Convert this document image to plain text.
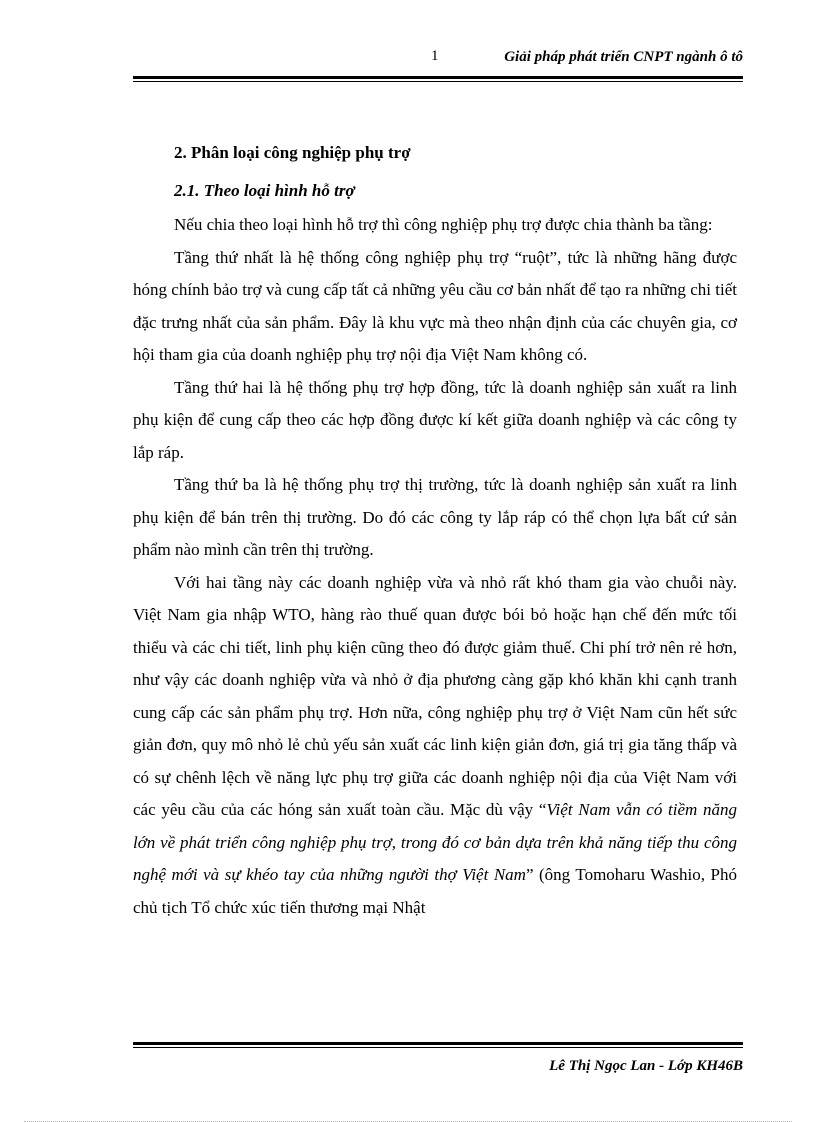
1	Giải pháp phát triển CNPT ngành ô tô
2. Phân loại công nghiệp phụ trợ
2.1. Theo loại hình hỗ trợ

Nếu chia theo loại hình hỗ trợ thì công nghiệp phụ trợ được chia thành ba tầng:

Tầng thứ nhất là hệ thống công nghiệp phụ trợ “ruột”, tức là những hãng được hóng chính bảo trợ và cung cấp tất cả những yêu cầu cơ bản nhất để tạo ra những chi tiết đặc trưng nhất của sản phẩm. Đây là khu vực mà theo nhận định của các chuyên gia, cơ hội tham gia của doanh nghiệp phụ trợ nội địa Việt Nam không có.

Tầng thứ hai là hệ thống phụ trợ hợp đồng, tức là doanh nghiệp sản xuất ra linh phụ kiện để cung cấp theo các hợp đồng được kí kết giữa doanh nghiệp và các công ty lắp ráp.

Tầng thứ ba là hệ thống phụ trợ thị trường, tức là doanh nghiệp sản xuất ra linh phụ kiện để bán trên thị trường. Do đó các công ty lắp ráp có thể chọn lựa bất cứ sản phẩm nào mình cần trên thị trường.

Với hai tầng này các doanh nghiệp vừa và nhỏ rất khó tham gia vào chuỗi này. Việt Nam gia nhập WTO, hàng rào thuế quan được bói bỏ hoặc hạn chế đến mức tối thiểu và các chi tiết, linh phụ kiện cũng theo đó được giảm thuế. Chi phí trở nên rẻ hơn, như vậy các doanh nghiệp vừa và nhỏ ở địa phương càng gặp khó khăn khi cạnh tranh cung cấp các sản phẩm phụ trợ. Hơn nữa, công nghiệp phụ trợ ở Việt Nam cũn hết sức giản đơn, quy mô nhỏ lẻ chủ yếu sản xuất các linh kiện giản đơn, giá trị gia tăng thấp và có sự chênh lệch về năng lực phụ trợ giữa các doanh nghiệp nội địa của Việt Nam với các yêu cầu của các hóng sản xuất toàn cầu. Mặc dù vậy “Việt Nam vẫn có tiềm năng lớn về phát triển công nghiệp phụ trợ, trong đó cơ bản dựa trên khả năng tiếp thu công nghệ mới và sự khéo tay của những người thợ Việt Nam” (ông Tomoharu Washio, Phó chủ tịch Tổ chức xúc tiến thương mại Nhật

Lê Thị Ngọc Lan - Lớp KH46B
